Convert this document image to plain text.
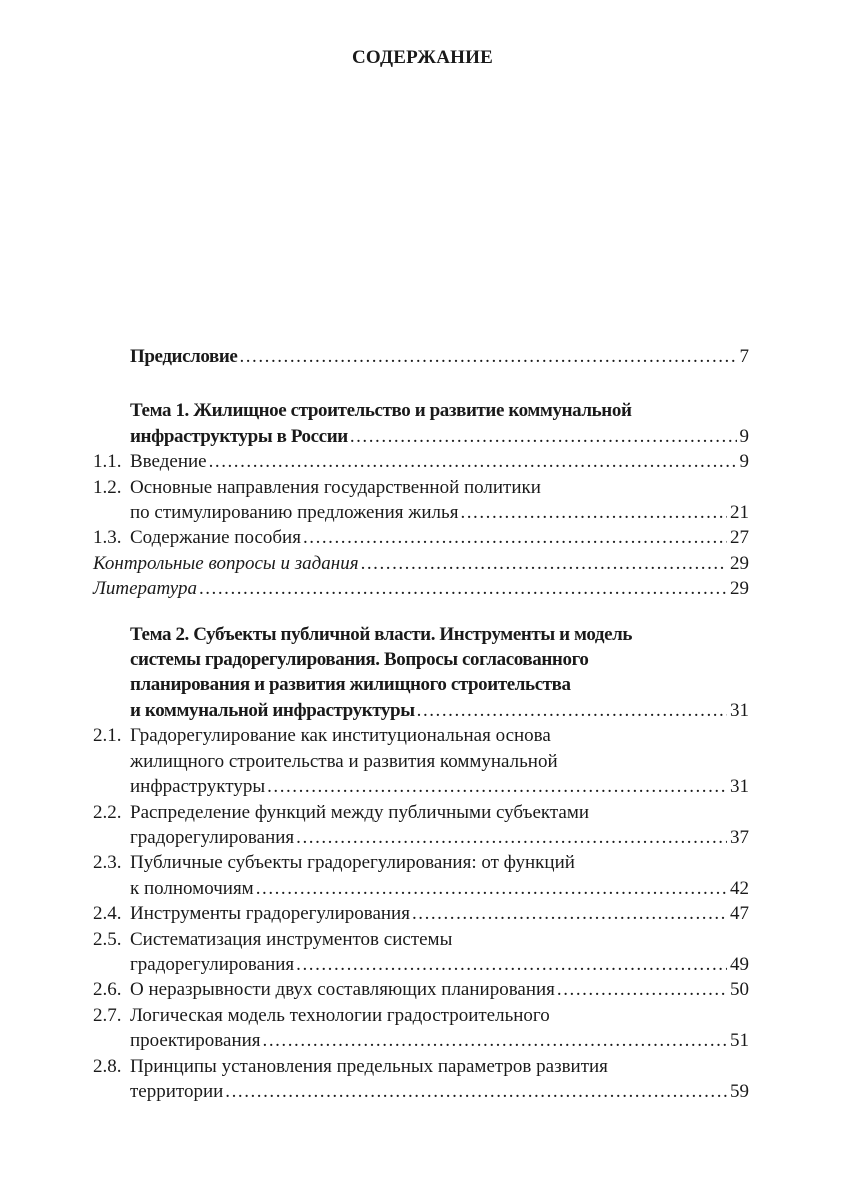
СОДЕРЖАНИЕ
Предисловие . . .	7
Тема 1. Жилищное строительство и развитие коммунальной
инфраструктуры в России . . .	9
1.1. Введение . . .	9
1.2. Основные направления государственной политики
по стимулированию предложения жилья . . .	21
1.3. Содержание пособия . . .	27
Контрольные вопросы и задания . . .	29
Литература . . .	29
Тема 2. Субъекты публичной власти. Инструменты и модель
системы градорегулирования. Вопросы согласованного
планирования и развития жилищного строительства
и коммунальной инфраструктуры . . .	31
2.1. Градорегулирование как институциональная основа
жилищного строительства и развития коммунальной
инфраструктуры . . .	31
2.2. Распределение функций между публичными субъектами
градорегулирования . . .	37
2.3. Публичные субъекты градорегулирования: от функций
к полномочиям . . .	42
2.4. Инструменты градорегулирования . . .	47
2.5. Систематизация инструментов системы
градорегулирования . . .	49
2.6. О неразрывности двух составляющих планирования . . .	50
2.7. Логическая модель технологии градостроительного
проектирования . . .	51
2.8. Принципы установления предельных параметров развития
территории . . .	59
